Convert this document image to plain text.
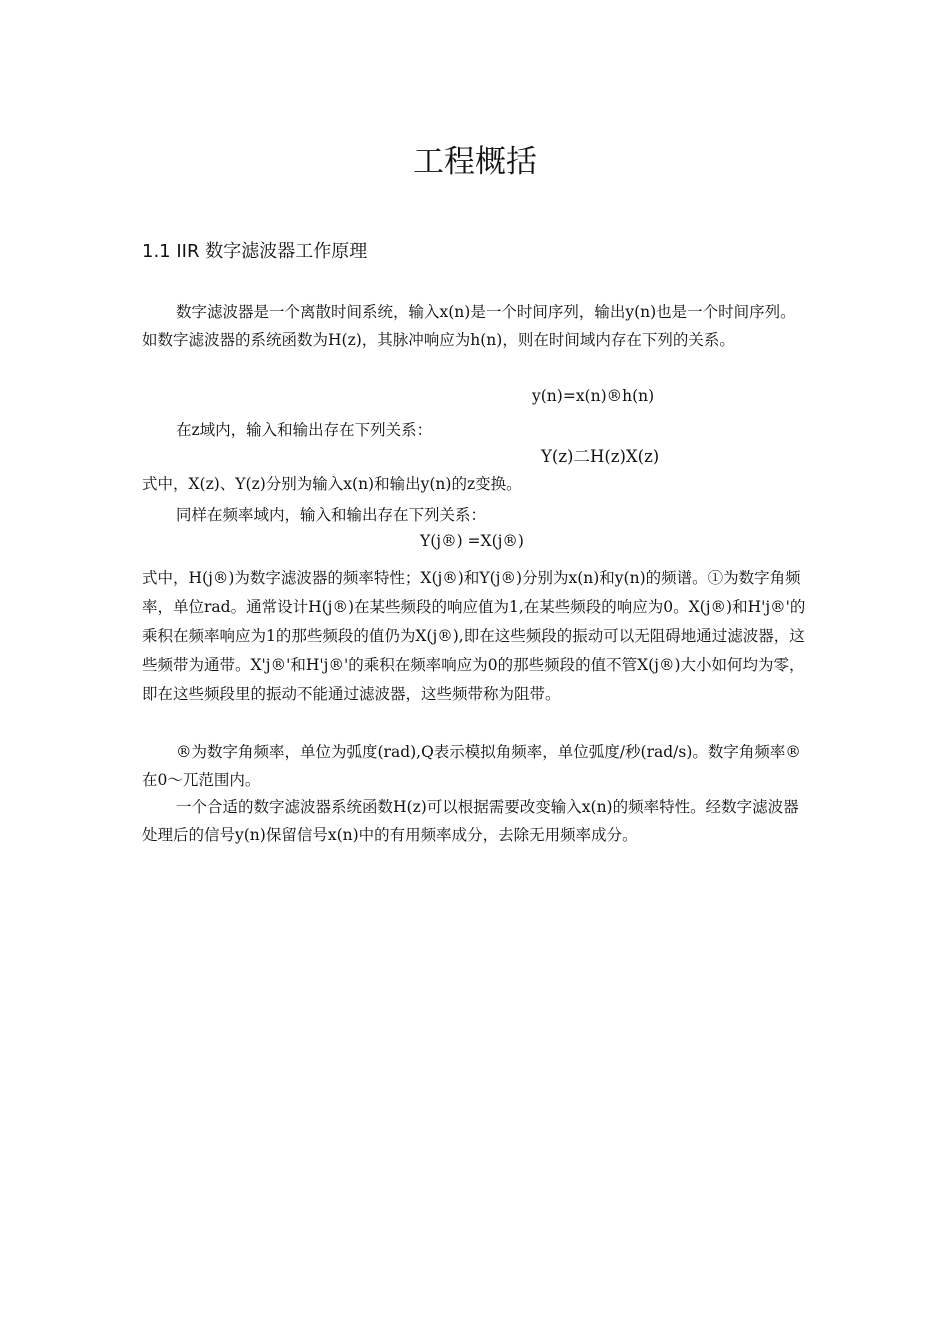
工程概括
1.1 IIR 数字滤波器工作原理

数字滤波器是一个离散时间系统，输入x(n)是一个时间序列，输出y(n)也是一个时间序列。如数字滤波器的系统函数为H(z)，其脉冲响应为h(n)，则在时间域内存在下列的关系。

y(n)=x(n)®h(n)

在z域内，输入和输出存在下列关系：

Y(z)二H(z)X(z)

式中，X(z)、Y(z)分别为输入x(n)和输出y(n)的z变换。

同样在频率域内，输入和输出存在下列关系：

Y(j®) =X(j®)

式中，H(j®)为数字滤波器的频率特性；X(j®)和Y(j®)分别为x(n)和y(n)的频谱。①为数字角频率，单位rad。通常设计H(j®)在某些频段的响应值为1,在某些频段的响应为0。X(j®)和H'j®'的乘积在频率响应为1的那些频段的值仍为X(j®),即在这些频段的振动可以无阻碍地通过滤波器，这些频带为通带。X'j®'和H'j®'的乘积在频率响应为0的那些频段的值不管X(j®)大小如何均为零，即在这些频段里的振动不能通过滤波器，这些频带称为阻带。

®为数字角频率，单位为弧度(rad),Q表示模拟角频率，单位弧度/秒(rad/s)。数字角频率®在0〜兀范围内。

一个合适的数字滤波器系统函数H(z)可以根据需要改变输入x(n)的频率特性。经数字滤波器处理后的信号y(n)保留信号x(n)中的有用频率成分，去除无用频率成分。
